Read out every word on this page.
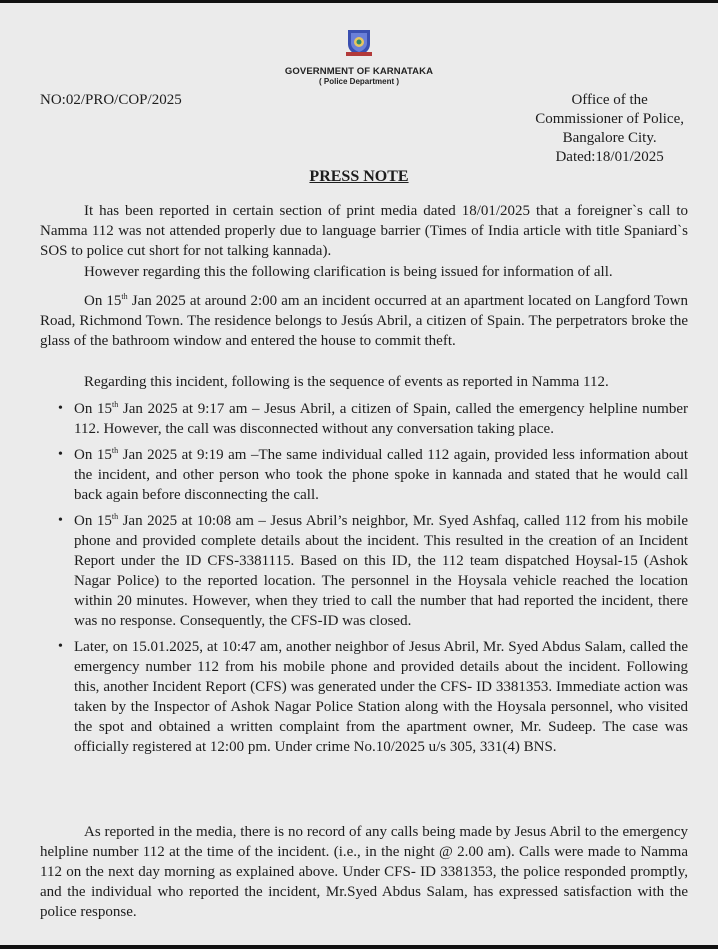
GOVERNMENT OF KARNATAKA
( Police Department )
NO:02/PRO/COP/2025	Office of the
Commissioner of Police,
Bangalore City.
Dated:18/01/2025
PRESS NOTE

It has been reported in certain section of print media dated 18/01/2025 that a foreigner`s call to Namma 112 was not attended properly due to language barrier (Times of India article with title Spaniard`s SOS to police cut short for not talking kannada).

However regarding this the following clarification is being issued for information of all.

On 15th Jan 2025 at around 2:00 am an incident occurred at an apartment located on Langford Town Road, Richmond Town. The residence belongs to Jesús Abril, a citizen of Spain. The perpetrators broke the glass of the bathroom window and entered the house to commit theft.

Regarding this incident, following is the sequence of events as reported in Namma 112.

• On 15th Jan 2025 at 9:17 am – Jesus Abril, a citizen of Spain, called the emergency helpline number 112. However, the call was disconnected without any conversation taking place.
• On 15th Jan 2025 at 9:19 am –The same individual called 112 again, provided less information about the incident, and other person who took the phone spoke in kannada and stated that he would call back again before disconnecting the call.
• On 15th Jan 2025 at 10:08 am – Jesus Abril’s neighbor, Mr. Syed Ashfaq, called 112 from his mobile phone and provided complete details about the incident. This resulted in the creation of an Incident Report under the ID CFS-3381115. Based on this ID, the 112 team dispatched Hoysal-15 (Ashok Nagar Police) to the reported location. The personnel in the Hoysala vehicle reached the location within 20 minutes. However, when they tried to call the number that had reported the incident, there was no response. Consequently, the CFS-ID was closed.
• Later, on 15.01.2025, at 10:47 am, another neighbor of Jesus Abril, Mr. Syed Abdus Salam, called the emergency number 112 from his mobile phone and provided details about the incident. Following this, another Incident Report (CFS) was generated under the CFS- ID 3381353. Immediate action was taken by the Inspector of Ashok Nagar Police Station along with the Hoysala personnel, who visited the spot and obtained a written complaint from the apartment owner, Mr. Sudeep. The case was officially registered at 12:00 pm. Under crime No.10/2025 u/s 305, 331(4) BNS.

As reported in the media, there is no record of any calls being made by Jesus Abril to the emergency helpline number 112 at the time of the incident. (i.e., in the night @ 2.00 am). Calls were made to Namma 112 on the next day morning as explained above. Under CFS- ID 3381353, the police responded promptly, and the individual who reported the incident, Mr.Syed Abdus Salam, has expressed satisfaction with the police response.
